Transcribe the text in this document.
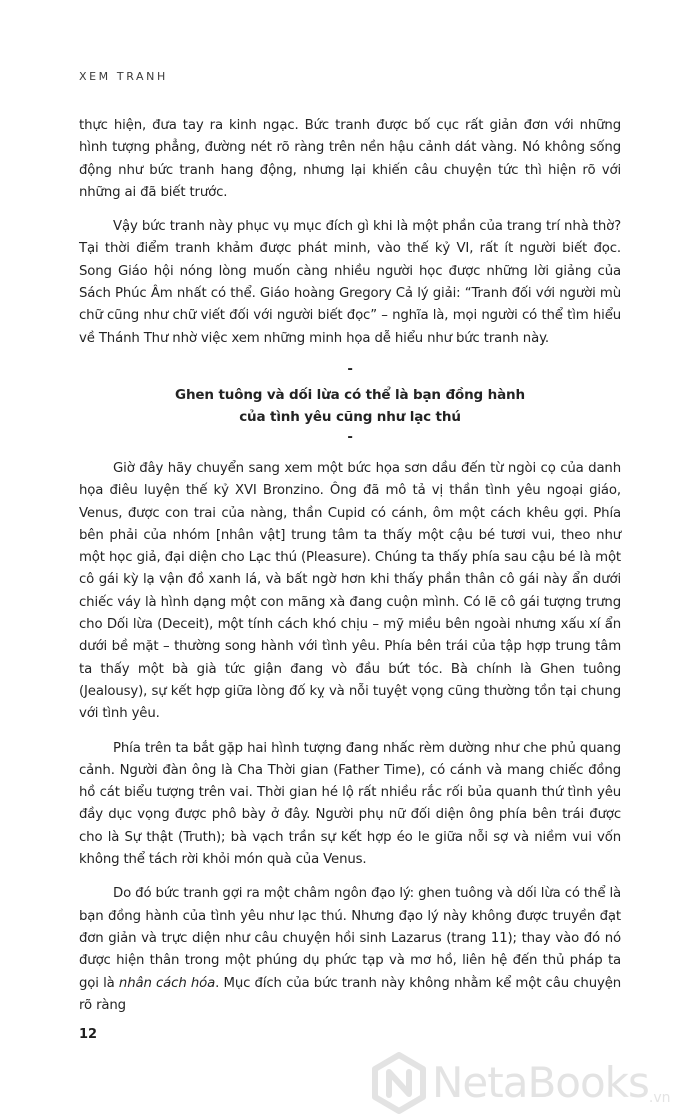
XEM TRANH

thực hiện, đưa tay ra kinh ngạc. Bức tranh được bố cục rất giản đơn với những hình tượng phẳng, đường nét rõ ràng trên nền hậu cảnh dát vàng. Nó không sống động như bức tranh hang động, nhưng lại khiến câu chuyện tức thì hiện rõ với những ai đã biết trước.

Vậy bức tranh này phục vụ mục đích gì khi là một phần của trang trí nhà thờ? Tại thời điểm tranh khảm được phát minh, vào thế kỷ VI, rất ít người biết đọc. Song Giáo hội nóng lòng muốn càng nhiều người học được những lời giảng của Sách Phúc Âm nhất có thể. Giáo hoàng Gregory Cả lý giải: “Tranh đối với người mù chữ cũng như chữ viết đối với người biết đọc” – nghĩa là, mọi người có thể tìm hiểu về Thánh Thư nhờ việc xem những minh họa dễ hiểu như bức tranh này.

-

Ghen tuông và dối lừa có thể là bạn đồng hành

của tình yêu cũng như lạc thú

-

Giờ đây hãy chuyển sang xem một bức họa sơn dầu đến từ ngòi cọ của danh họa điêu luyện thế kỷ XVI Bronzino. Ông đã mô tả vị thần tình yêu ngoại giáo, Venus, được con trai của nàng, thần Cupid có cánh, ôm một cách khêu gợi. Phía bên phải của nhóm [nhân vật] trung tâm ta thấy một cậu bé tươi vui, theo như một học giả, đại diện cho Lạc thú (Pleasure). Chúng ta thấy phía sau cậu bé là một cô gái kỳ lạ vận đồ xanh lá, và bất ngờ hơn khi thấy phần thân cô gái này ẩn dưới chiếc váy là hình dạng một con mãng xà đang cuộn mình. Có lẽ cô gái tượng trưng cho Dối lừa (Deceit), một tính cách khó chịu – mỹ miều bên ngoài nhưng xấu xí ẩn dưới bề mặt – thường song hành với tình yêu. Phía bên trái của tập hợp trung tâm ta thấy một bà già tức giận đang vò đầu bứt tóc. Bà chính là Ghen tuông (Jealousy), sự kết hợp giữa lòng đố kỵ và nỗi tuyệt vọng cũng thường tồn tại chung với tình yêu.

Phía trên ta bắt gặp hai hình tượng đang nhấc rèm dường như che phủ quang cảnh. Người đàn ông là Cha Thời gian (Father Time), có cánh và mang chiếc đồng hồ cát biểu tượng trên vai. Thời gian hé lộ rất nhiều rắc rối bủa quanh thứ tình yêu đầy dục vọng được phô bày ở đây. Người phụ nữ đối diện ông phía bên trái được cho là Sự thật (Truth); bà vạch trần sự kết hợp éo le giữa nỗi sợ và niềm vui vốn không thể tách rời khỏi món quà của Venus.

Do đó bức tranh gợi ra một châm ngôn đạo lý: ghen tuông và dối lừa có thể là bạn đồng hành của tình yêu như lạc thú. Nhưng đạo lý này không được truyền đạt đơn giản và trực diện như câu chuyện hồi sinh Lazarus (trang 11); thay vào đó nó được hiện thân trong một phúng dụ phức tạp và mơ hồ, liên hệ đến thủ pháp ta gọi là nhân cách hóa. Mục đích của bức tranh này không nhằm kể một câu chuyện rõ ràng

12
NetaBooks .vn
